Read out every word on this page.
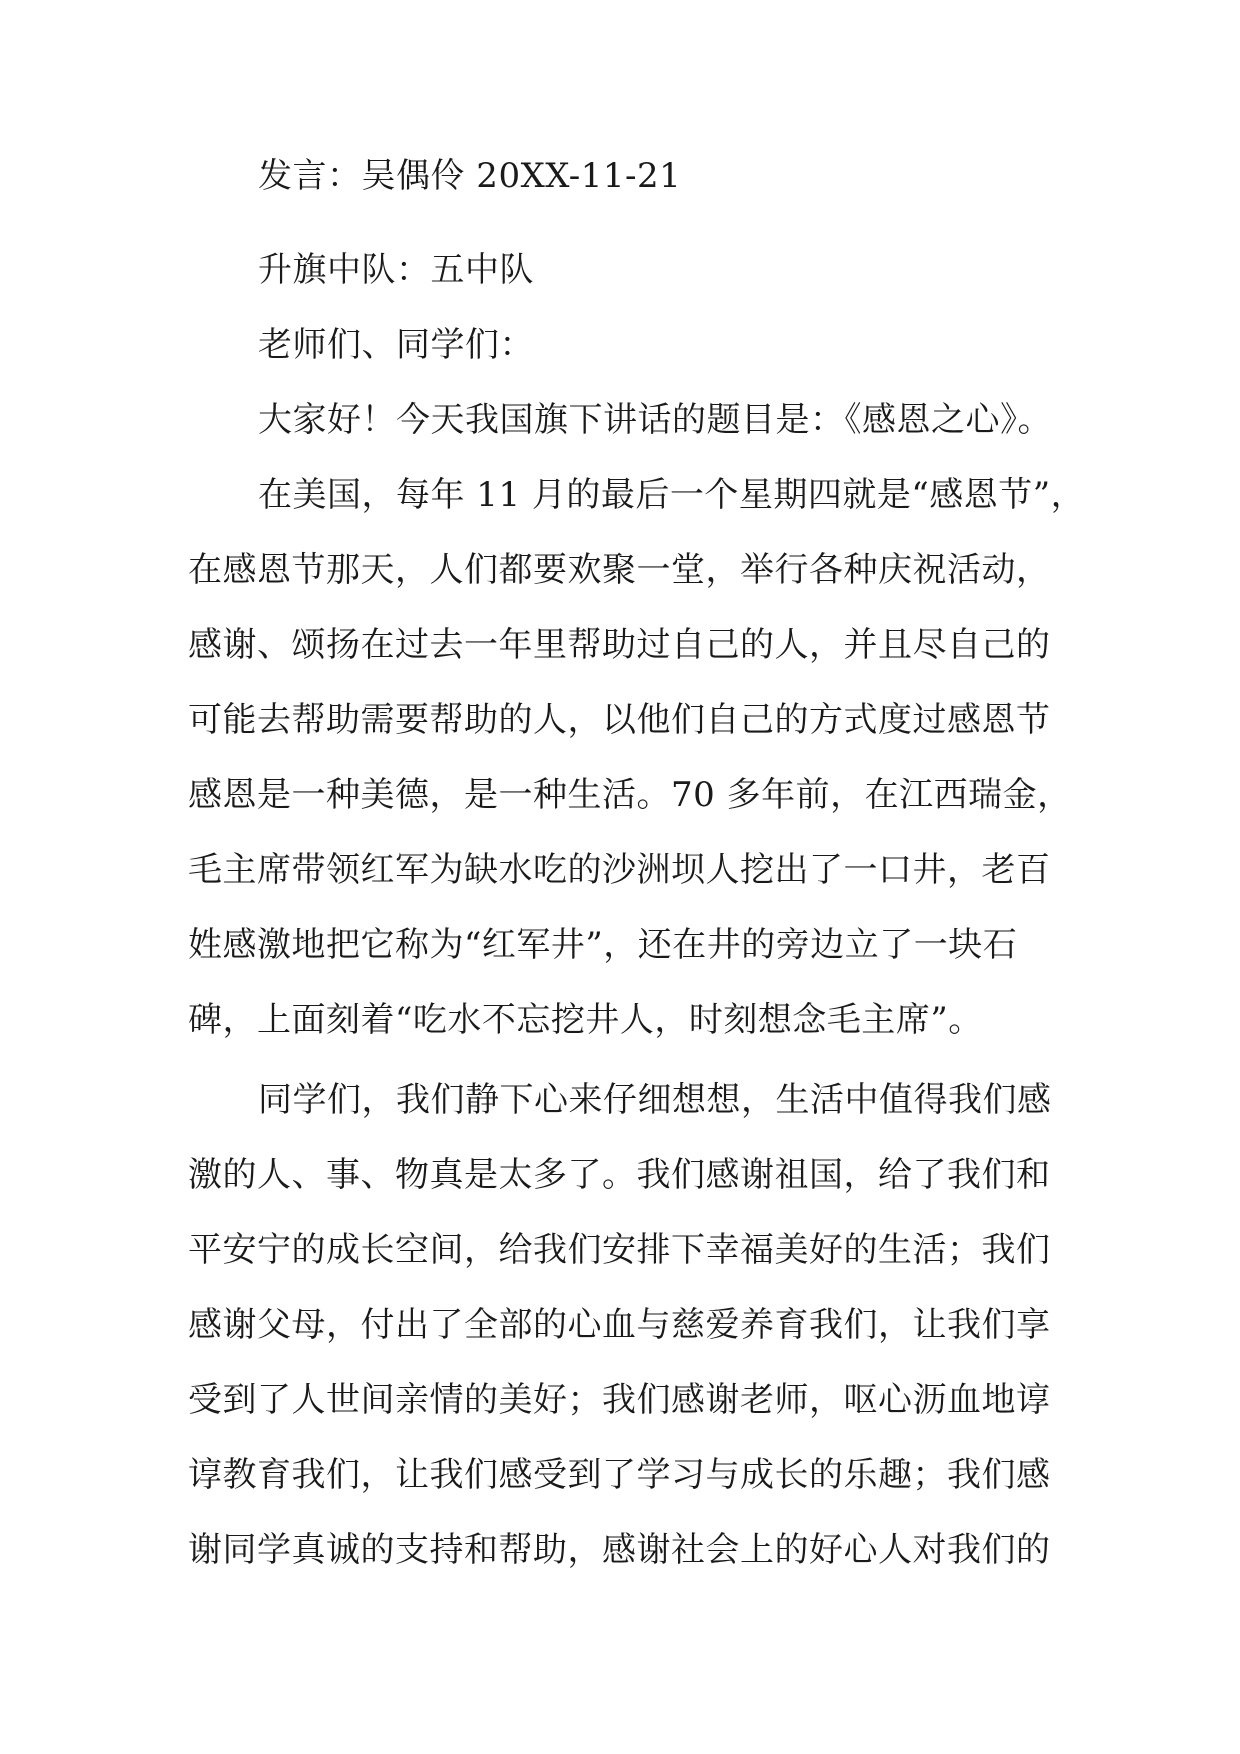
发言：吴偶伶 20XX-11-21
升旗中队：五中队
老师们、同学们：
大家好！今天我国旗下讲话的题目是：《感恩之心》。
在美国，每年 11 月的最后一个星期四就是“感恩节”，
在感恩节那天，人们都要欢聚一堂，举行各种庆祝活动，
感谢、颂扬在过去一年里帮助过自己的人，并且尽自己的
可能去帮助需要帮助的人，以他们自己的方式度过感恩节
感恩是一种美德，是一种生活。70 多年前，在江西瑞金，
毛主席带领红军为缺水吃的沙洲坝人挖出了一口井，老百
姓感激地把它称为“红军井”，还在井的旁边立了一块石
碑，上面刻着“吃水不忘挖井人，时刻想念毛主席”。
同学们，我们静下心来仔细想想，生活中值得我们感
激的人、事、物真是太多了。我们感谢祖国，给了我们和
平安宁的成长空间，给我们安排下幸福美好的生活；我们
感谢父母，付出了全部的心血与慈爱养育我们，让我们享
受到了人世间亲情的美好；我们感谢老师，呕心沥血地谆
谆教育我们，让我们感受到了学习与成长的乐趣；我们感
谢同学真诚的支持和帮助，感谢社会上的好心人对我们的
